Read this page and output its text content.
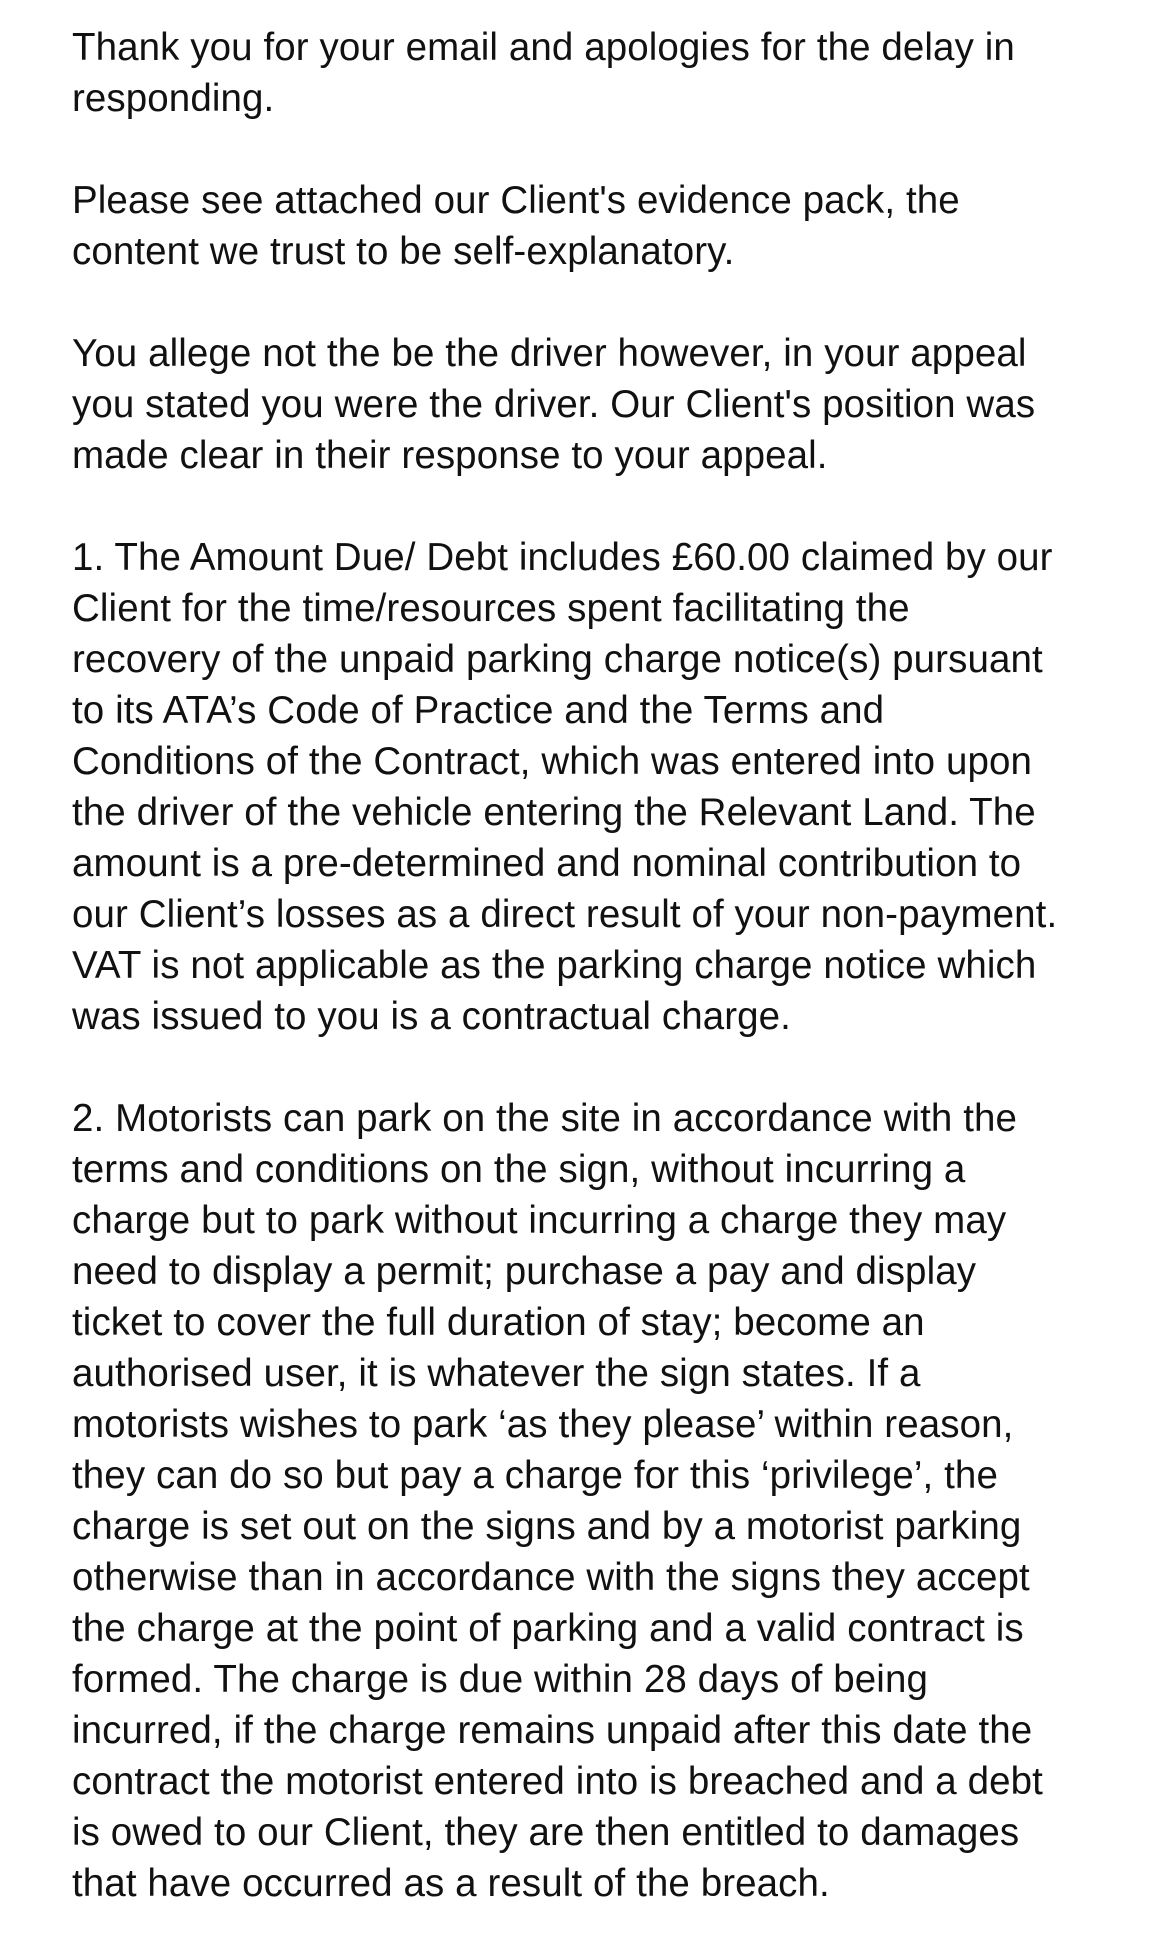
Thank you for your email and apologies for the delay in
responding.

Please see attached our Client's evidence pack, the
content we trust to be self-explanatory.

You allege not the be the driver however, in your appeal
you stated you were the driver. Our Client's position was
made clear in their response to your appeal.

1. The Amount Due/ Debt includes £60.00 claimed by our
Client for the time/resources spent facilitating the
recovery of the unpaid parking charge notice(s) pursuant
to its ATA’s Code of Practice and the Terms and
Conditions of the Contract, which was entered into upon
the driver of the vehicle entering the Relevant Land. The
amount is a pre-determined and nominal contribution to
our Client’s losses as a direct result of your non-payment.
VAT is not applicable as the parking charge notice which
was issued to you is a contractual charge.

2. Motorists can park on the site in accordance with the
terms and conditions on the sign, without incurring a
charge but to park without incurring a charge they may
need to display a permit; purchase a pay and display
ticket to cover the full duration of stay; become an
authorised user, it is whatever the sign states. If a
motorists wishes to park ‘as they please’ within reason,
they can do so but pay a charge for this ‘privilege’, the
charge is set out on the signs and by a motorist parking
otherwise than in accordance with the signs they accept
the charge at the point of parking and a valid contract is
formed. The charge is due within 28 days of being
incurred, if the charge remains unpaid after this date the
contract the motorist entered into is breached and a debt
is owed to our Client, they are then entitled to damages
that have occurred as a result of the breach.
